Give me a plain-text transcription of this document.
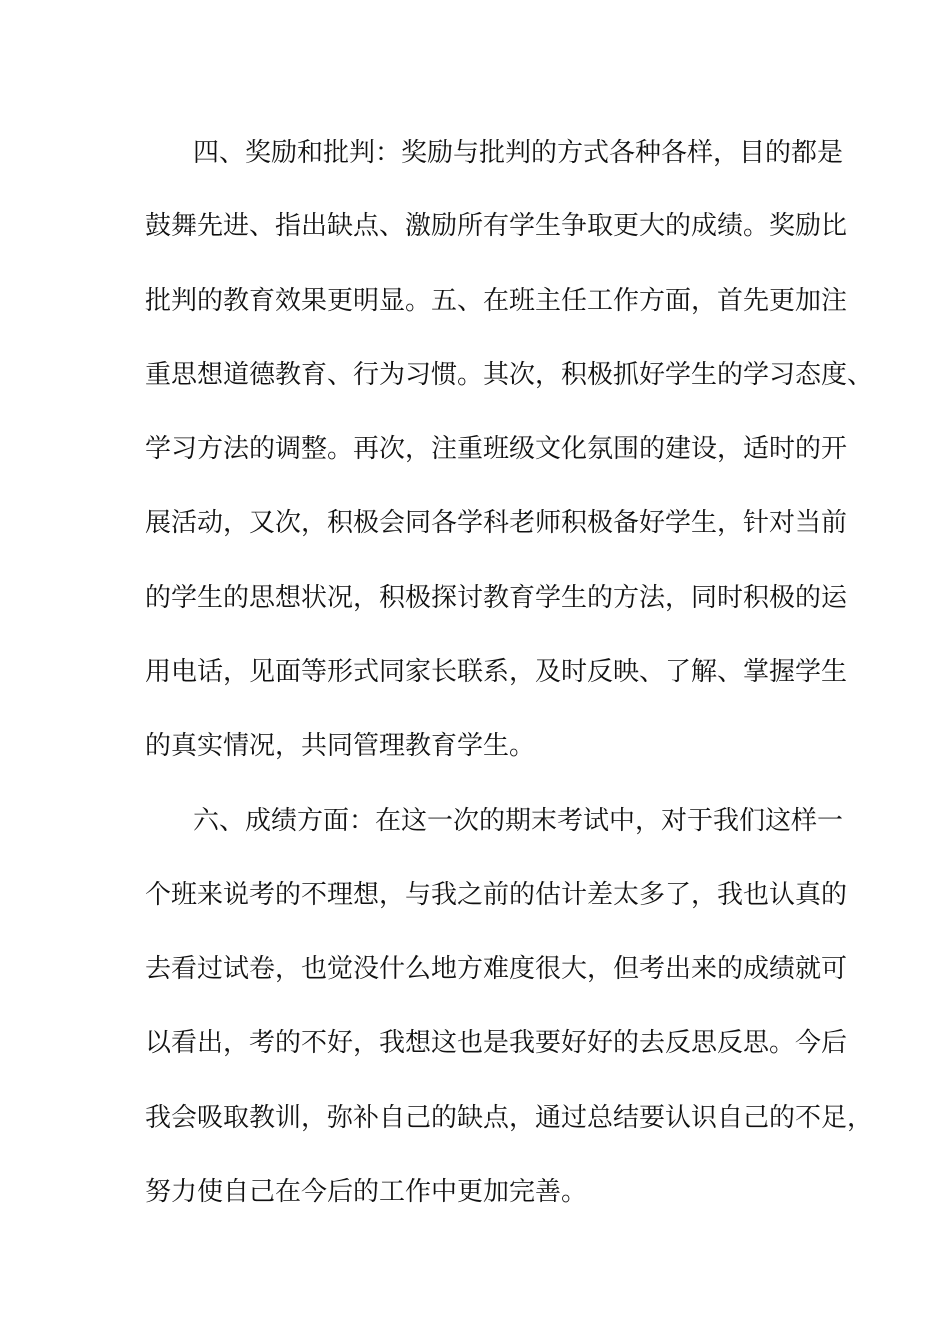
四、奖励和批判：奖励与批判的方式各种各样，目的都是
鼓舞先进、指出缺点、激励所有学生争取更大的成绩。奖励比
批判的教育效果更明显。五、在班主任工作方面，首先更加注
重思想道德教育、行为习惯。其次，积极抓好学生的学习态度、
学习方法的调整。再次，注重班级文化氛围的建设，适时的开
展活动，又次，积极会同各学科老师积极备好学生，针对当前
的学生的思想状况，积极探讨教育学生的方法，同时积极的运
用电话，见面等形式同家长联系，及时反映、了解、掌握学生
的真实情况，共同管理教育学生。
六、成绩方面：在这一次的期末考试中，对于我们这样一
个班来说考的不理想，与我之前的估计差太多了，我也认真的
去看过试卷，也觉没什么地方难度很大，但考出来的成绩就可
以看出，考的不好，我想这也是我要好好的去反思反思。今后
我会吸取教训，弥补自己的缺点，通过总结要认识自己的不足，
努力使自己在今后的工作中更加完善。
